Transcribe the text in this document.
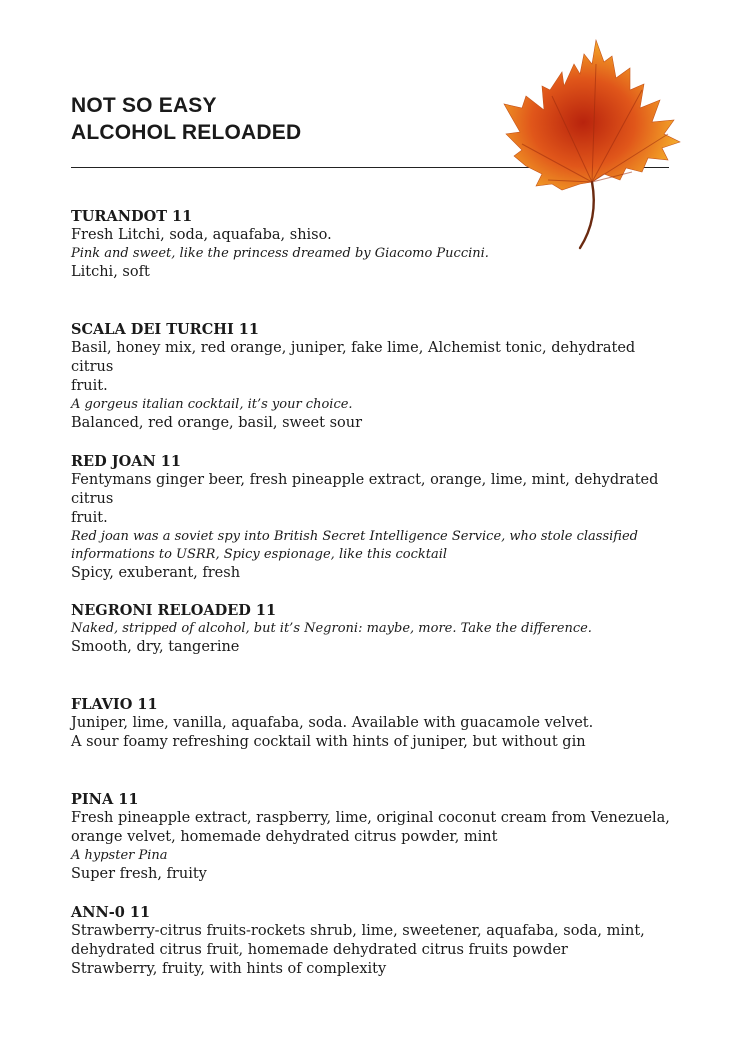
NOT SO EASY
ALCOHOL RELOADED
TURANDOT 11
Fresh Litchi, soda, aquafaba, shiso.
Pink and sweet, like the princess dreamed by Giacomo Puccini.
Litchi, soft
SCALA DEI TURCHI 11
Basil, honey mix, red orange, juniper, fake lime, Alchemist tonic, dehydrated citrus
fruit.
A gorgeus italian cocktail, it’s your choice.
Balanced, red orange, basil, sweet sour
RED JOAN 11
Fentymans ginger beer, fresh pineapple extract, orange, lime, mint, dehydrated citrus
fruit.
Red joan was a soviet spy into British Secret Intelligence Service, who stole classified
informations to USRR, Spicy espionage, like this cocktail
Spicy, exuberant, fresh
NEGRONI RELOADED 11
Naked, stripped of alcohol, but it’s Negroni: maybe, more. Take the difference.
Smooth, dry, tangerine
FLAVIO 11
Juniper, lime, vanilla, aquafaba, soda. Available with guacamole velvet.
A sour foamy refreshing cocktail with hints of juniper, but without gin
PINA 11
Fresh pineapple extract, raspberry, lime, original coconut cream from Venezuela,
orange velvet, homemade dehydrated citrus powder, mint
A hypster Pina
Super fresh, fruity
ANN-0 11
Strawberry-citrus fruits-rockets shrub, lime, sweetener, aquafaba, soda, mint,
dehydrated citrus fruit, homemade dehydrated citrus fruits powder
Strawberry, fruity, with hints of complexity
